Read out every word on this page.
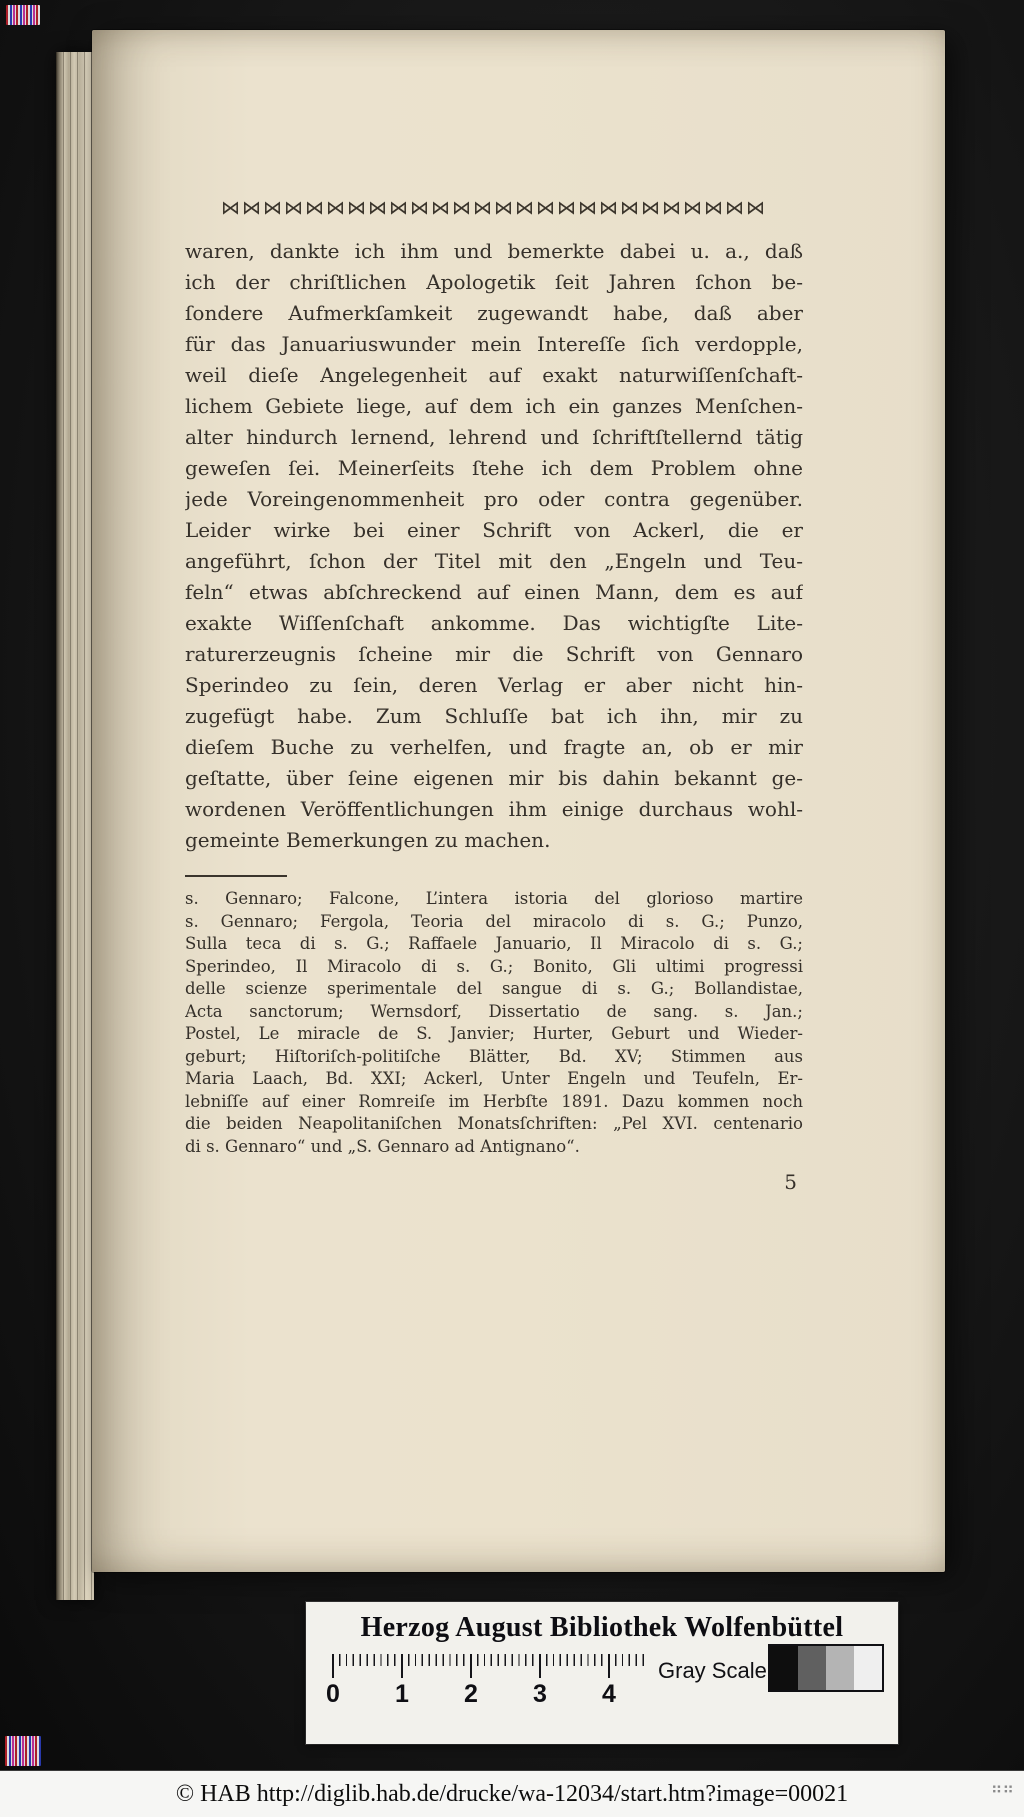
⋈⋈⋈⋈⋈⋈⋈⋈⋈⋈⋈⋈⋈⋈⋈⋈⋈⋈⋈⋈⋈⋈⋈⋈⋈⋈
waren, dankte ich ihm und bemerkte dabei u. a., daß
ich der chriſtlichen Apologetik ſeit Jahren ſchon be-
ſondere Aufmerkſamkeit zugewandt habe, daß aber
für das Januariuswunder mein Intereſſe ſich verdopple,
weil dieſe Angelegenheit auf exakt naturwiſſenſchaft-
lichem Gebiete liege, auf dem ich ein ganzes Menſchen-
alter hindurch lernend, lehrend und ſchriftſtellernd tätig
geweſen ſei. Meinerſeits ſtehe ich dem Problem ohne
jede Voreingenommenheit pro oder contra gegenüber.
Leider wirke bei einer Schrift von Ackerl, die er
angeführt, ſchon der Titel mit den „Engeln und Teu-
feln“ etwas abſchreckend auf einen Mann, dem es auf
exakte Wiſſenſchaft ankomme. Das wichtigſte Lite-
raturerzeugnis ſcheine mir die Schrift von Gennaro
Sperindeo zu ſein, deren Verlag er aber nicht hin-
zugefügt habe. Zum Schluſſe bat ich ihn, mir zu
dieſem Buche zu verhelfen, und fragte an, ob er mir
geſtatte, über ſeine eigenen mir bis dahin bekannt ge-
wordenen Veröffentlichungen ihm einige durchaus wohl-
gemeinte Bemerkungen zu machen.
s. Gennaro; Falcone, L’intera istoria del glorioso martire
s. Gennaro; Fergola, Teoria del miracolo di s. G.; Punzo,
Sulla teca di s. G.; Raffaele Januario, Il Miracolo di s. G.;
Sperindeo, Il Miracolo di s. G.; Bonito, Gli ultimi progressi
delle scienze sperimentale del sangue di s. G.; Bollandistae,
Acta sanctorum; Wernsdorf, Dissertatio de sang. s. Jan.;
Postel, Le miracle de S. Janvier; Hurter, Geburt und Wieder-
geburt; Hiſtoriſch-politiſche Blätter, Bd. XV; Stimmen aus
Maria Laach, Bd. XXI; Ackerl, Unter Engeln und Teufeln, Er-
lebniſſe auf einer Romreiſe im Herbſte 1891. Dazu kommen noch
die beiden Neapolitaniſchen Monatsſchriften: „Pel XVI. centenario
di s. Gennaro“ und „S. Gennaro ad Antignano“.
5
Herzog August Bibliothek Wolfenbüttel
0 1 2 3 4
Gray Scale
© HAB http://diglib.hab.de/drucke/wa-12034/start.htm?image=00021	⠛⠛
